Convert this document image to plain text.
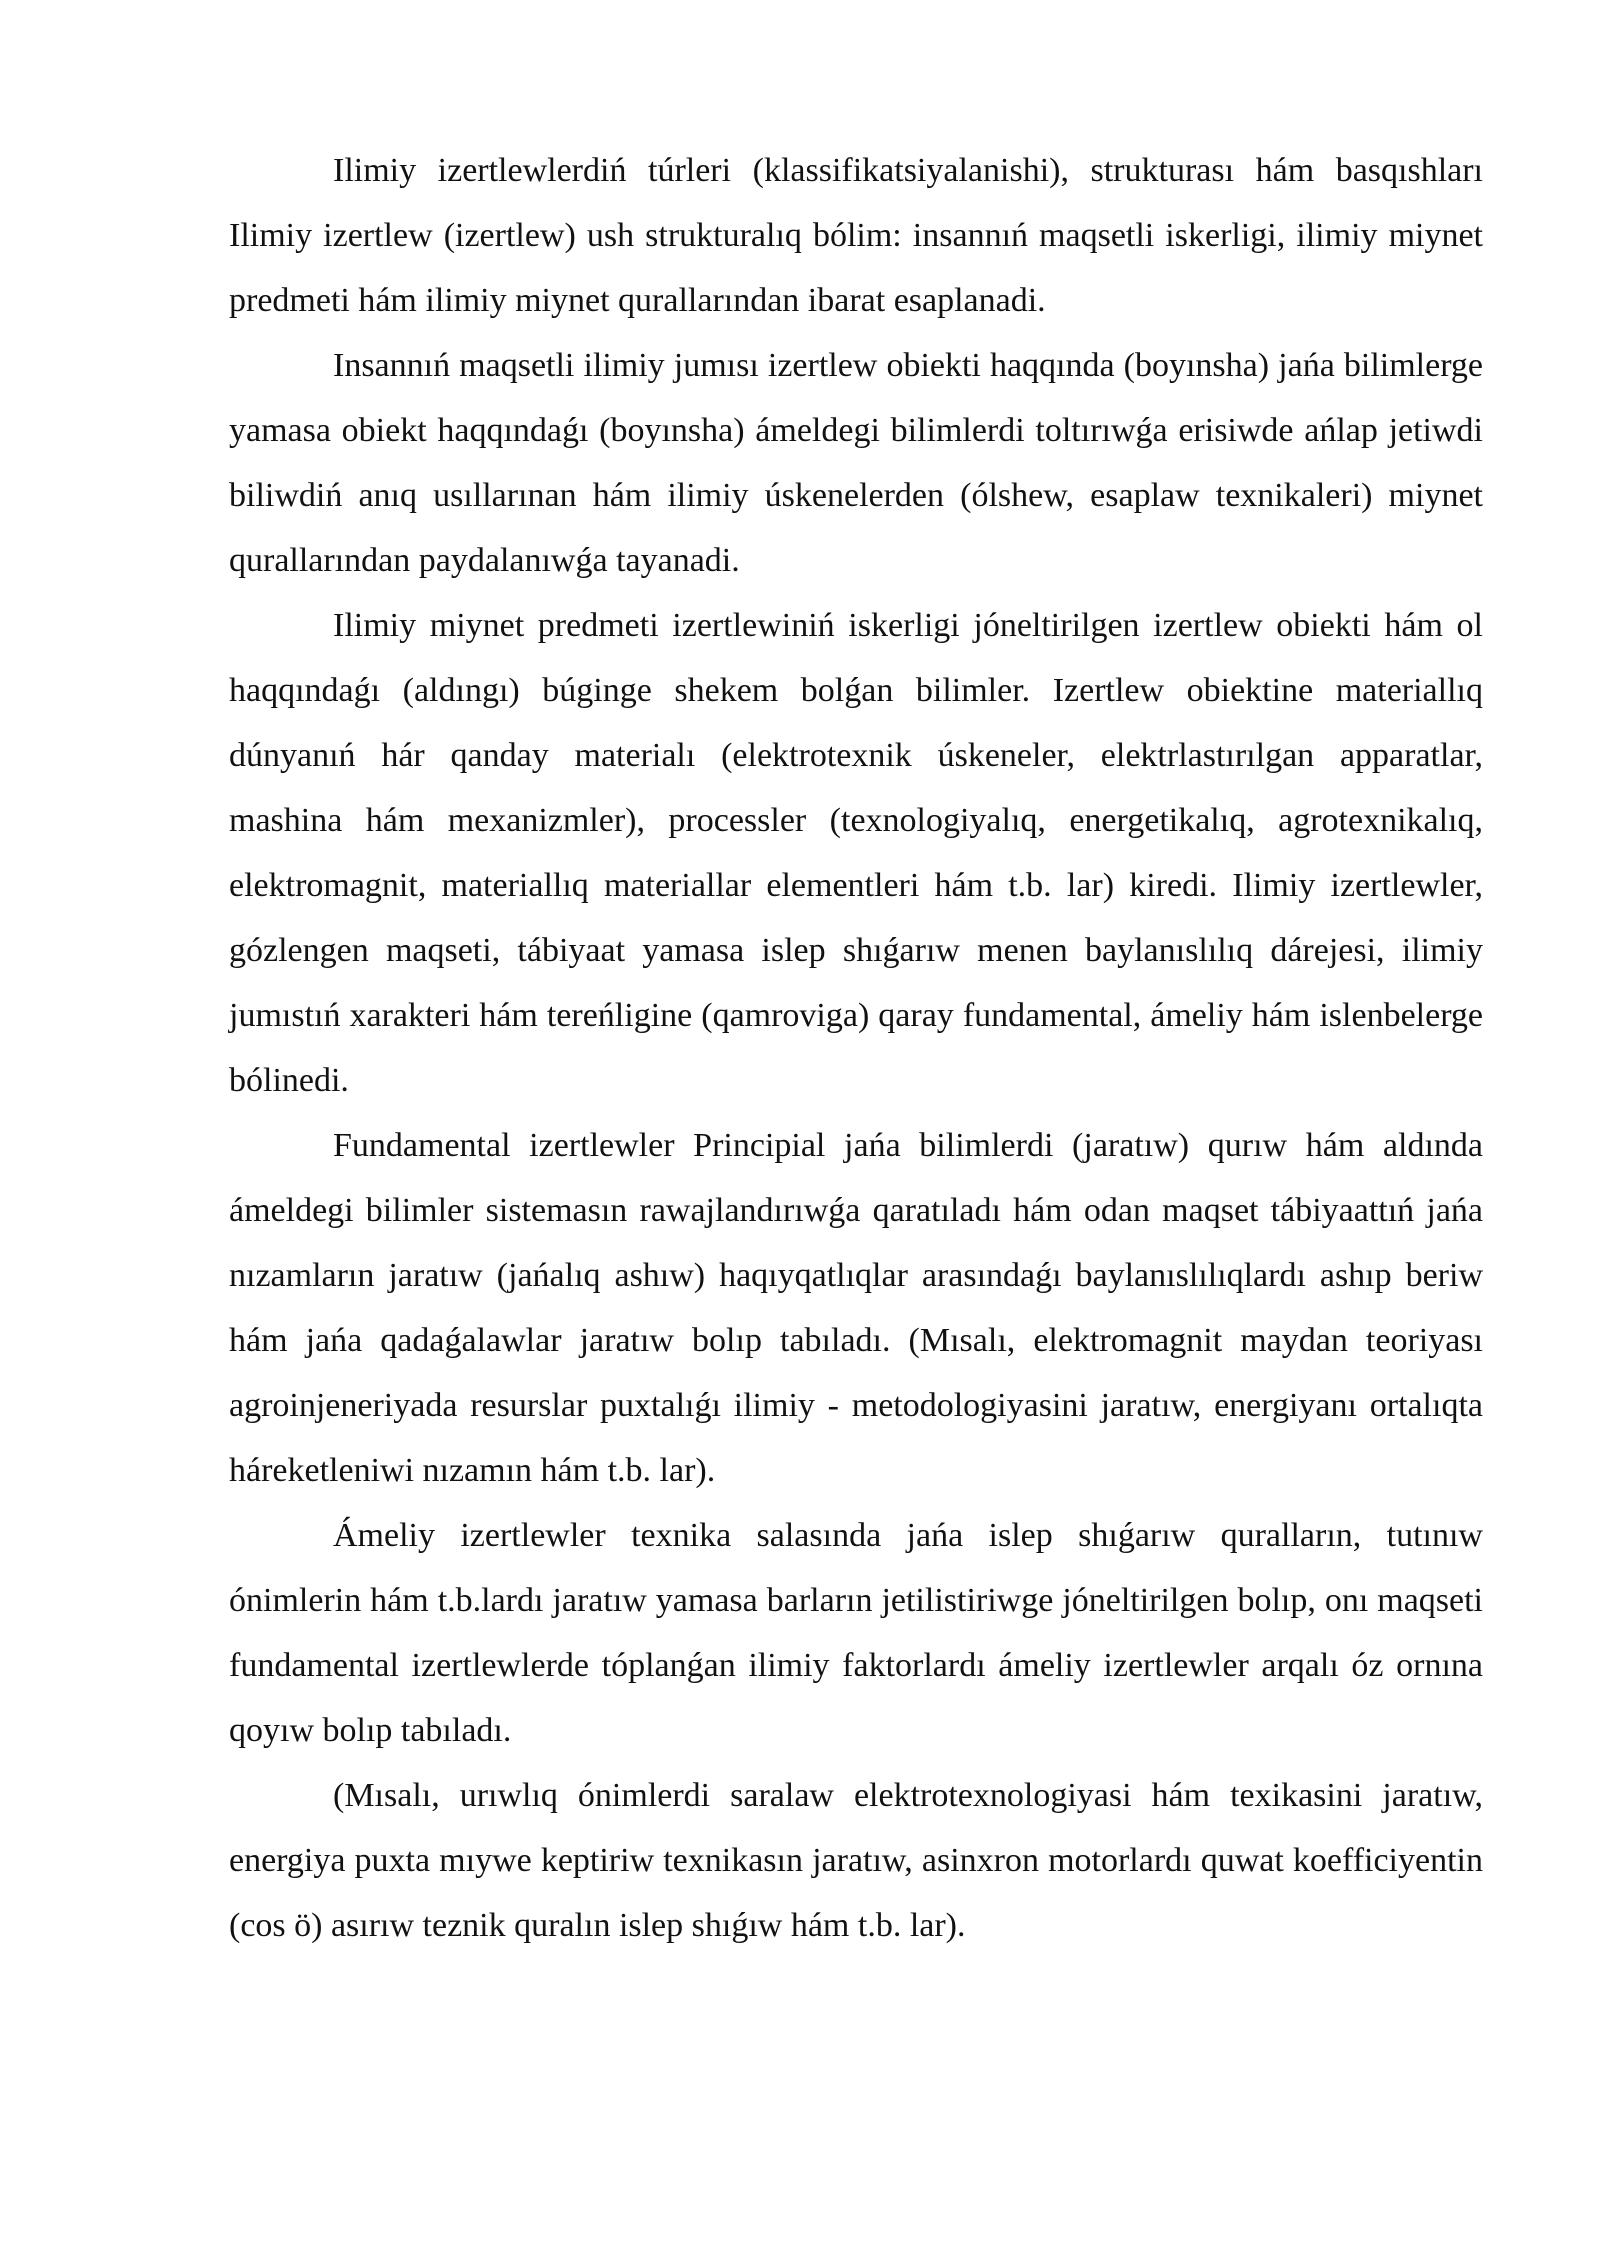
Ilimiy izertlewlerdiń túrleri (klassifikatsiyalanishi), strukturası hám basqıshları Ilimiy izertlew (izertlew) ush strukturalıq bólim: insannıń maqsetli iskerligi, ilimiy miynet predmeti hám ilimiy miynet qurallarından ibarat esaplanadi.

Insannıń maqsetli ilimiy jumısı izertlew obiekti haqqında (boyınsha) jańa bilimlerge yamasa obiekt haqqındaǵı (boyınsha) ámeldegi bilimlerdi toltırıwǵa erisiwde ańlap jetiwdi biliwdiń anıq usıllarınan hám ilimiy úskenelerden (ólshew, esaplaw texnikaleri) miynet qurallarından paydalanıwǵa tayanadi.

Ilimiy miynet predmeti izertlewiniń iskerligi jóneltirilgen izertlew obiekti hám ol haqqındaǵı (aldıngı) búginge shekem bolǵan bilimler. Izertlew obiektine materiallıq dúnyanıń hár qanday materialı (elektrotexnik úskeneler, elektrlastırılgan apparatlar, mashina hám mexanizmler), processler (texnologiyalıq, energetikalıq, agrotexnikalıq, elektromagnit, materiallıq materiallar elementleri hám t.b. lar) kiredi. Ilimiy izertlewler, gózlengen maqseti, tábiyaat yamasa islep shıǵarıw menen baylanıslılıq dárejesi, ilimiy jumıstıń xarakteri hám tereńligine (qamroviga) qaray fundamental, ámeliy hám islenbelerge bólinedi.

Fundamental izertlewler Principial jańa bilimlerdi (jaratıw) qurıw hám aldında ámeldegi bilimler sistemasın rawajlandırıwǵa qaratıladı hám odan maqset tábiyaattıń jańa nızamların jaratıw (jańalıq ashıw) haqıyqatlıqlar arasındaǵı baylanıslılıqlardı ashıp beriw hám jańa qadaǵalawlar jaratıw bolıp tabıladı. (Mısalı, elektromagnit maydan teoriyası agroinjeneriyada resurslar puxtalıǵı ilimiy - metodologiyasini jaratıw, energiyanı ortalıqta háreketleniwi nızamın hám t.b. lar).

Ámeliy izertlewler texnika salasında jańa islep shıǵarıw quralların, tutınıw ónimlerin hám t.b.lardı jaratıw yamasa barların jetilistiriwge jóneltirilgen bolıp, onı maqseti fundamental izertlewlerde tóplanǵan ilimiy faktorlardı ámeliy izertlewler arqalı óz ornına qoyıw bolıp tabıladı.

(Mısalı, urıwlıq ónimlerdi saralaw elektrotexnologiyasi hám texikasini jaratıw, energiya puxta mıywe keptiriw texnikasın jaratıw, asinxron motorlardı quwat koefficiyentin (cos ö) asırıw teznik quralın islep shıǵıw hám t.b. lar).
